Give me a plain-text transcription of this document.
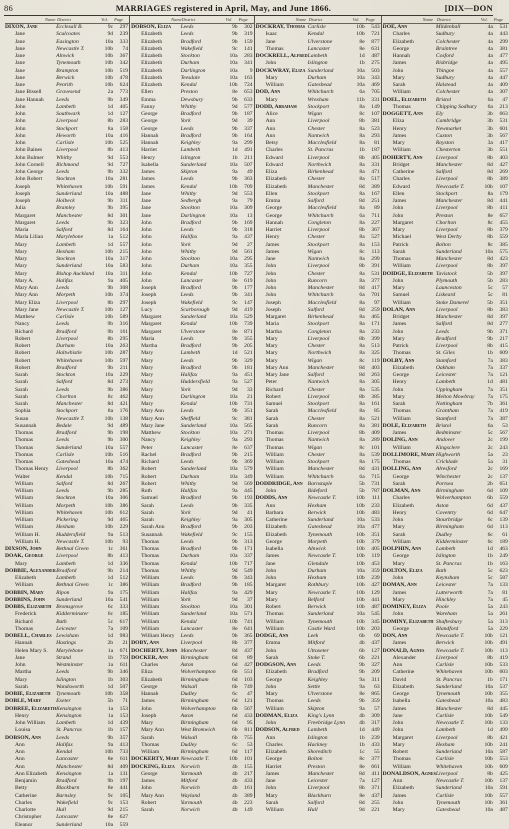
86	MARRIAGES registered in April, May, and June 1866.	[DIX—DON
Name District	Vol.	Page
DIXON, Jane	Ecclesall B.	9c	297
Jane	Sculcoates	9d	239
Jane	Easington	10a	333
Jane	Newcastle T.	10b	74
Jane	Alnwick	10b	367
Jane	Tynemouth	10b	342
Jane	Brampton	10b	519
Jane	Berwick	10b	478
Jane	Penrith	10b	624
Jane Bissell	Gravesend	2a	773
Jane Hannah	Leeds	9b	349
John	Lambeth	1d	405
John	Southwark	1d	127
John	Liverpool	8b	283
John	Stockport	8a	158
John	Heworth	10a	416
John	Carlisle	10b	525
John Baines	Liverpool	8b	413
John Bulmer	Whitby	9d	553
John Cornell	Richmond	9d	727
John George	Leeds	9b	332
John Robert	Stockton	10a	281
Joseph	Whitehaven	10b	591
Joseph	Sunderland	10a	488
Joseph	Holbeck	9b	311
Julia	Bramley	9b	395
Margaret	Manchester	8d	301
Margaret	Leeds	9b	323
Maria	Salford	8d	164
Maria Lilian	Marylebone	1a	512
Mary	Lambeth	1d	557
Mary	Hexham	10b	215
Mary	Stockton	10a	317
Mary	Sunderland	10a	583
Mary	Bishop Auckland	10a	311
Mary A.	Halifax	9a	405
Mary Ann	Leeds	9b	308
Mary Ann	Morpeth	10b	374
Mary Eliza	Liverpool	8b	297
Mary Jane	Newcastle T.	10b	127
Matthew	Carlisle	10b	589
Nancy	Leeds	9b	316
Richard	Bradford	9b	161
Robert	Liverpool	8b	295
Robert	Durham	10a	263
Robert	Haltwhistle	10b	287
Robert	Whitehaven	10b	597
Robert	Bradford	9b	211
Sarah	Stockton	10a	229
Sarah	Salford	8d	273
Sarah	Leeds	9b	386
Sarah	Chorlton	8c	462
Sarah	Manchester	8d	421
Sophia	Stockport	8a	176
Susan	Newcastle T.	10b	138
Susannah	Bedale	9d	489
Thomas	Bradford	9b	198
Thomas	Leeds	9b	300
Thomas	Sunderland	10a	557
Thomas	Carlisle	10b	516
Thomas	Gateshead	10a	474
Thomas Henry	Liverpool	8b	362
Walter	Kendal	10b	715
William	Salford	8d	267
William	Leeds	9b	285
William	Stockton	10a	306
William	Morpeth	10b	386
William	Whitehaven	10b	612
William	Pickering	9d	465
William	Hexham	10b	229
William H.	Huddersfield	9a	513
William H.	Newcastle T.	10b	93
DIXSON, John	Bethnal Green	1c	361
DOAK, George	Liverpool	8b	413
Mary	Lambeth	1d	336
DOBBIE, Alexander Bradford	9b	214
Elizabeth	Lambeth	1d	512
William	Bethnal Green	1c	386
DOBBIN, Mary	Ripon	9a	175
DOBBINS, John	Sunderland	10a	541
DOBBS, Elizabeth Bromsgrove	6c	333
Frederick	Kidderminster	6c	185
Richard	Bath	5c	617
Thomas	Leicester	7a	109
DOBELL, Charles Lewisham	1d	983
Hannah	Hastings	2b	21
Helen Mary S.	Marylebone	1a	671
Jane	Strand	1b	759
John	Westminster	1a	611
Martha	Leeds	9b	346
Mary	Islington	1b	303
Sarah	Wandsworth	1d	507
DOBIE, Elizabeth Tynemouth	10b	358
DOBLE, Mary	Exeter	5b	71
DOBREE, Elizabeth Kensington	1a	153
Henry	Kensington	1a	153
John William	Lambeth	1d	439
Louisa	St. Pancras	1b	157
DOBSON, Ann	Leeds	9b	357
Ann	Halifax	9a	413
Ann	Kendal	10b	733
Ann	Lancaster	8e	611
Ann	Manchester	8d	409
Ann Elizabeth	Kensington	1a	131
Benjamin	Bradford	9b	197
Betty	Blackburn	8e	441
Catherine	Barnsley	9c	105
Charles	Wakefield	9c	153
Charlotte	Hull	9d	215
Christopher	Lancaster	8e	627
Eleanor	Sunderland	10a	559
Name District	Vol.	Page
DOBSON, Eliza	Leeds	9b	302
Elizabeth	Leeds	9b	319
Elizabeth	Bradford	9b	159
Elizabeth	Wakefield	9c	141
Elizabeth	Stockton	10a	283
Elizabeth	Durham	10a	341
Elizabeth	Darlington	10a	9
Elizabeth	Teesdale	10a	163
Elizabeth	Kendal	10b	724
Ellen	Preston	8e	653
Emma	Dewsbury	9b	633
Fanny	Whitby	9d	577
George	Bradford	9b	187
George	York	9d	39
George	Leeds	9b	337
Hannah	Bradford	9b	164
Hannah	Keighley	9a	299
Harriet	Lambeth	1d	491
Henry	Islington	1b	211
Isabella	Sunderland	10a	507
James	Skipton	9a	49
James	Leeds	9b	363
James	Kendal	10b	709
Jane	Whitby	9d	553
Jane	Sedbergh	9a	79
Jane	Stockton	10a	309
Jane	Darlington	10a	13
John	Bradford	9b	169
John	Leeds	9b	318
John	Halifax	9a	437
John	York	9d	27
John	Whitby	9d	561
John	Stockton	10a	295
John	Durham	10a	355
John	Kendal	10b	727
John	Lancaster	8e	619
Joseph	Bradford	9b	177
Joseph	Leeds	9b	341
Joseph	Wakefield	9c	147
Lucy	Scarborough	9d	419
Margaret	Sunderland	10a	529
Margaret	Kendal	10b	739
Margaret	Ulverstone	8e	871
Maria	Leeds	9b	355
Martha	Bradford	9b	205
Mary	Lambeth	1d	521
Mary	Leeds	9b	329
Mary	Bradford	9b	181
Mary	Halifax	9a	451
Mary	Huddersfield	9a	527
Mary	York	9d	33
Mary	Darlington	10a	21
Mary	Kendal	10b	731
Mary Ann	Leeds	9b	351
Mary Ann	Sheffield	9c	381
Mary Jane	Sunderland	10a	565
Matthew	Stockton	10a	271
Nancy	Keighley	9a	293
Peter	Lancaster	8e	637
Rachel	Bradford	9b	215
Richard	Leeds	9b	369
Robert	Sunderland	10a	579
Robert	Durham	10a	349
Robert	Whitby	9d	569
Ruth	Halifax	9a	445
Samuel	Bradford	9b	193
Sarah	Leeds	9b	335
Sarah	York	9d	41
Sarah	Keighley	9a	305
Sarah Ann	Bradford	9b	203
Susannah	Wakefield	9c	155
Thomas	Leeds	9b	313
Thomas	Bradford	9b	171
Thomas	Durham	10a	337
Thomas	Kendal	10b	717
Thomas	Whitby	9d	549
William	Leeds	9b	343
William	Bradford	9b	185
William	Halifax	9a	429
William	York	9d	37
William	Stockton	10a	301
William	Sunderland	10a	571
William	Kendal	10b	741
William	Lancaster	8e	641
William Henry	Leeds	9b	365
DOBY, Ann	Liverpool	8b	377
DOCHERTY, John Manchester	8d	437
DOCKER, Ann	Birmingham	6d	89
Charles	Aston	6d	427
Eliza	Wolverhampton	6b	551
Elizabeth	Birmingham	6d	103
George	Walsall	6b	749
Hannah	Dudley	6c	47
James	Birmingham	6d	121
John	Wolverhampton	6b	567
Joseph	Aston	6d	433
Mary	Birmingham	6d	95
Mary Ann	West Bromwich	6b	811
Sarah	Walsall	6b	755
Thomas	Dudley	6c	53
William	Birmingham	6d	117
DOCKERTY, Mary Newcastle T.	10b	101
DOCKING, Eliza	Norwich	4b	155
George	Yarmouth	4b	217
James	Mitford	4b	433
John	Norwich	4b	161
Mary Ann	Wayland	4b	389
Robert	Yarmouth	4b	223
Sarah	Norwich	4b	149
Name District	Vol.	Page
DOCKRAY, Thomas Carlisle	10b	543
Isaac	Kendal	10b	721
Jane	Ulverstone	8e	877
Thomas	Lancaster	8e	631
DOCKRELL, Alfred Lambeth	1d	487
John	Islington	1b	275
DOCKWRAY, Eliza Sunderland	10a	503
Mary	Durham	10a	343
William	Gateshead	10a	469
DOD, Ann	Whitchurch	6a	705
Mary	Wrexham	11b	331
DODD, Abraham	Stockport	8a	149
Alice	Wigan	8c	107
Ann	Liverpool	8b	381
Ann	Chester	8a	523
Ann	Nantwich	8a	293
Betsy	Macclesfield	8a	81
Charles	St. Pancras	1b	187
Edward	Liverpool	8b	405
Edward	Northwich	8a	331
Eliza	Birkenhead	8a	471
Elizabeth	Chester	8a	517
Elizabeth	Manchester	8d	389
Ellen	Stockport	8a	167
Emma	Salford	8d	251
George	Macclesfield	8a	89
George	Whitchurch	6a	711
Hannah	Congleton	8a	227
Harriet	Liverpool	8b	367
Henry	Chester	8a	527
James	Stockport	8a	153
James	Wigan	8c	113
Jane	Nantwich	8a	299
John	Liverpool	8b	391
John	Chester	8a	531
John	Runcorn	8a	377
John	Manchester	8d	417
John	Whitchurch	6a	701
Joseph	Macclesfield	8a	97
Joseph	Salford	8d	259
Margaret	Birkenhead	8a	465
Maria	Stockport	8a	171
Martha	Congleton	8a	233
Mary	Liverpool	8b	399
Mary	Chester	8a	513
Mary	Northwich	8a	325
Mary	Wigan	8c	119
Mary Ann	Manchester	8d	403
Mary Jane	Salford	8d	263
Peter	Nantwich	8a	305
Richard	Chester	8a	535
Robert	Liverpool	8b	385
Samuel	Stockport	8a	161
Sarah	Macclesfield	8a	85
Sarah	Chester	8a	521
Sarah	Runcorn	8a	381
Thomas	Liverpool	8b	409
Thomas	Nantwich	8a	289
Thomas	Wigan	8c	101
William	Chester	8a	539
William	Stockport	8a	175
William	Manchester	8d	431
William	Whitchurch	6a	715
DODDRIDGE, Ann Barnstaple	5b	731
John	Bideford	5b	787
DODDS, Ann	Newcastle T.	10b	111
Ann	Hexham	10b	233
Barbara	Berwick	10b	483
Catherine	Sunderland	10a	533
Elizabeth	Gateshead	10a	477
Elizabeth	Tynemouth	10b	351
George	Morpeth	10b	379
Isabella	Alnwick	10b	405
James	Newcastle T.	10b	119
Jane	Glendale	10b	453
John	Durham	10a	359
John	Hexham	10b	239
Margaret	Rothbury	10b	427
Mary	Newcastle T.	10b	129
Mary	Belford	10b	441
Robert	Berwick	10b	487
Thomas	Sunderland	10a	545
William	Tynemouth	10b	345
William	Castle Ward	10b	203
DODGE, Ann	Leek	6b	69
Emma	Mitford	4b	437
John	Uttoxeter	6b	127
Sarah	Stoke T.	6b	221
DODGSON, Ann	Leeds	9b	327
Elizabeth	Bradford	9b	209
George	Keighley	9a	311
John	Settle	9a	63
Mary	Ulverstone	8e	865
Thomas	Leeds	9b	359
William	Skipton	9a	57
DODMAN, Eliza	King's Lynn	4b	309
John	Freebridge Lynn	4b	317
DODSON, Alfred	Lambeth	1d	449
Ann	Islington	1b	239
Charles	Hackney	1b	433
Elizabeth	Shoreditch	1c	55
George	Bolton	8c	377
Harriet	Preston	8e	661
James	Manchester	8d	411
Jane	Leicester	7a	127
John	Liverpool	8b	371
Mary	Blackburn	8e	437
Sarah	Salford	8d	255
William	Hull	9d	221
Name District	Vol.	Page
DOE, Ann	Mildenhall	4a	531
Charles	Sudbury	4a	443
Elizabeth	Colchester	4a	299
George	Braintree	4a	381
Hannah	Cosford	4a	477
James	Risbridge	4a	495
John	Thingoe	4a	557
Mary	Sudbury	4a	447
Sarah	Halstead	4a	409
William	Colchester	4a	307
DOEL, Elizabeth	Bristol	6a	47
Thomas	Chipping Sodbury	6a	213
DOGGETT, Ann	Ely	3b	663
Eliza	Cambridge	3b	531
Henry	Newmarket	3b	601
James	Caxton	3b	567
Mary	Royston	3a	417
William	Chesterton	3b	551
DOHERTY, Ann	Liverpool	8b	403
Bridget	Manchester	8d	427
Catherine	Salford	8d	269
Charles	Liverpool	8b	389
Edward	Newcastle T.	10b	107
Ellen	Stockport	8a	179
James	Manchester	8d	441
John	Liverpool	8b	411
John	Preston	8e	657
Margaret	Chorlton	8c	455
Mary	Liverpool	8b	379
Michael	West Derby	8b	559
Patrick	Bolton	8c	385
Sarah	Sunderland	10a	575
Thomas	Manchester	8d	423
William	Liverpool	8b	397
DOIDGE, Elizabeth Tavistock	5b	397
John	Plymouth	5b	283
Mary	Launceston	5c	57
Samuel	Liskeard	5c	81
William	Stoke Damerel	5b	351
DOLAN, Ann	Liverpool	8b	383
Bridget	Manchester	8d	397
James	Salford	8d	277
John	Leeds	9b	371
Mary	Bradford	9b	217
Patrick	Liverpool	8b	415
Thomas	St. Giles	1b	609
DOLBY, Ann	Stamford	7a	383
Elizabeth	Oakham	7a	337
George	Leicester	7a	121
Henry	Lambeth	1d	481
John	Uppingham	7a	351
Mary	Melton Mowbray	7a	175
Sarah	Nottingham	7b	361
Thomas	Grantham	7a	419
William	Stamford	7a	387
DOLE, Elizabeth	Bristol	6a	53
James	Bedminster	5c	567
DOLING, Ann	Andover	2c	199
William	Kingsclere	2c	243
DOLLIMORE, Mary Highworth	5a	23
Thomas	Cricklade	5a	31
DOLLING, Ann	Alresford	2c	169
George	Winchester	2c	137
Sarah	Portsea	2b	651
DOLMAN, Ann	Birmingham	6d	109
Charles	Wolverhampton	6b	559
Elizabeth	Aston	6d	437
Henry	Coventry	6d	647
John	Stourbridge	6c	139
Mary	Birmingham	6d	113
Sarah	Dudley	6c	61
William	Kidderminster	6c	189
DOLPHIN, Ann	Lambeth	1d	463
George	Islington	1b	249
Mary	St. Pancras	1b	163
DOLTON, Eliza	Bath	5c	623
John	Keynsham	5c	587
DOMAN, Ann	Leicester	7a	133
James	Lutterworth	7a	81
Mary	Hinckley	7a	45
DOMINEY, Eliza	Poole	5a	243
John	Wareham	5a	261
DOMINY, Elizabeth Shaftesbury	5a	313
George	Blandford	5a	229
DON, Ann	Newcastle T.	10b	121
James	Berwick	10b	491
DONALD, Agnes	Newcastle T.	10b	113
Alexander	Liverpool	8b	419
Ann	Carlisle	10b	533
Catherine	Whitehaven	10b	603
David	St. Pancras	1b	171
Elizabeth	Sunderland	10a	537
George	Tynemouth	10b	355
Isabella	Gateshead	10a	483
James	Manchester	8d	445
Jane	Carlisle	10b	549
John	Newcastle T.	10b	133
John	Lambeth	1d	499
Margaret	Liverpool	8b	421
Mary	Hexham	10b	241
Robert	Sunderland	10a	587
Thomas	Carlisle	10b	553
William	Whitehaven	10b	609
DONALDSON, Agnes Liverpool	8b	425
Ann	Newcastle T.	10b	137
Elizabeth	Sunderland	10a	591
James	Carlisle	10b	557
John	Tynemouth	10b	361
Mary	Gateshead	10a	487
